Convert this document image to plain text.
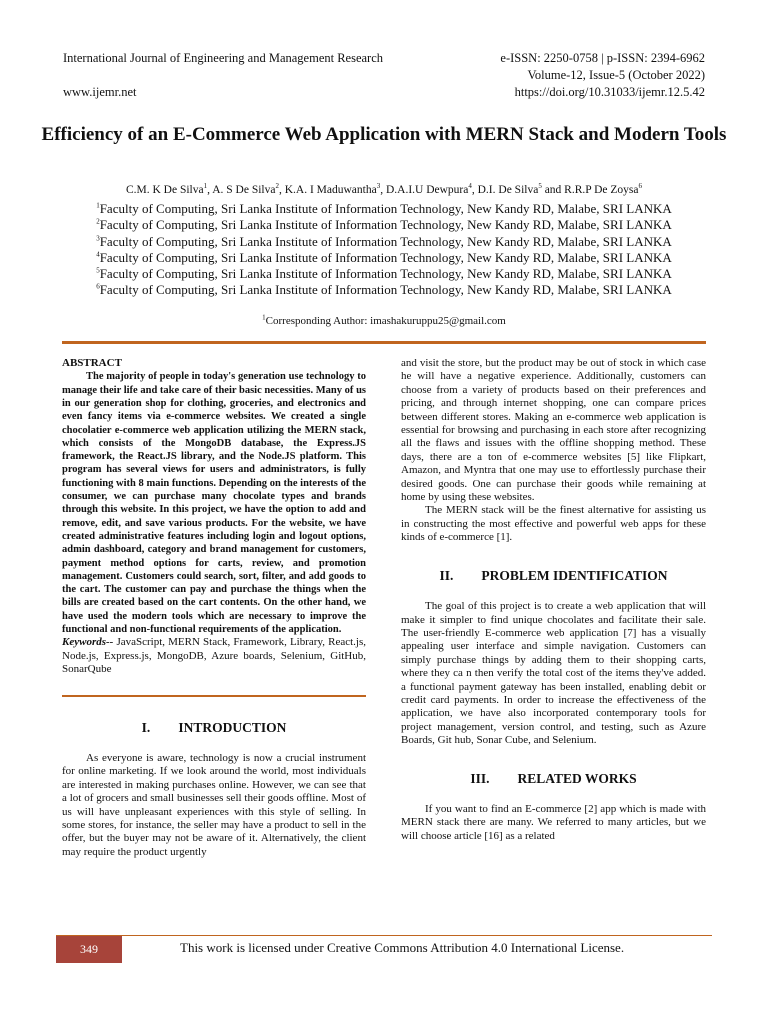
International Journal of Engineering and Management Research
www.ijemr.net
e-ISSN: 2250-0758 | p-ISSN: 2394-6962
Volume-12, Issue-5 (October 2022)
https://doi.org/10.31033/ijemr.12.5.42
Efficiency of an E-Commerce Web Application with MERN Stack and Modern Tools
C.M. K De Silva$^1$, A. S De Silva$^2$, K.A. I Maduwantha$^3$, D.A.I.U Dewpura$^4$, D.I. De Silva$^5$ and R.R.P De Zoysa$^6$
$^1$Faculty of Computing, Sri Lanka Institute of Information Technology, New Kandy RD, Malabe, SRI LANKA
$^2$Faculty of Computing, Sri Lanka Institute of Information Technology, New Kandy RD, Malabe, SRI LANKA
$^3$Faculty of Computing, Sri Lanka Institute of Information Technology, New Kandy RD, Malabe, SRI LANKA
$^4$Faculty of Computing, Sri Lanka Institute of Information Technology, New Kandy RD, Malabe, SRI LANKA
$^5$Faculty of Computing, Sri Lanka Institute of Information Technology, New Kandy RD, Malabe, SRI LANKA
$^6$Faculty of Computing, Sri Lanka Institute of Information Technology, New Kandy RD, Malabe, SRI LANKA
$^1$Corresponding Author: imashakuruppu25@gmail.com

ABSTRACT

The majority of people in today's generation use technology to manage their life and take care of their basic necessities. Many of us in our generation shop for clothing, groceries, and electronics and even fancy items via e-commerce websites. We created a single chocolatier e-commerce web application utilizing the MERN stack, which consists of the MongoDB database, the Express.JS framework, the React.JS library, and the Node.JS platform. This program has several views for users and administrators, is fully functioning with 8 main functions. Depending on the interests of the consumer, we can purchase many chocolate types and brands through this website. In this project, we have the option to add and remove, edit, and save various products. For the website, we have created administrative features including login and logout options, admin dashboard, category and brand management for customers, payment method options for carts, review, and promotion management. Customers could search, sort, filter, and add goods to the cart. The customer can pay and purchase the things when the bills are created based on the cart contents. On the other hand, we have used the modern tools which are necessary to improve the functional and non-functional requirements of the application.

Keywords-- JavaScript, MERN Stack, Framework, Library, React.js, Node.js, Express.js, MongoDB, Azure boards, Selenium, GitHub, SonarQube

I. INTRODUCTION

As everyone is aware, technology is now a crucial instrument for online marketing. If we look around the world, most individuals are interested in making purchases online. However, we can see that a lot of grocers and small businesses sell their goods offline. Most of us will have unpleasant experiences with this style of selling. In some stores, for instance, the seller may have a product to sell in the offer, but the buyer may not be aware of it. Alternatively, the client may require the product urgently

and visit the store, but the product may be out of stock in which case he will have a negative experience. Additionally, customers can choose from a variety of products based on their preferences and pricing, and through internet shopping, one can compare prices between different stores. Making an e-commerce web application is essential for browsing and purchasing in each store after recognizing all the flaws and issues with the offline shopping method. These days, there are a ton of e-commerce websites [5] like Flipkart, Amazon, and Myntra that one may use to effortlessly purchase their desired goods. One can purchase their goods while remaining at home by using these websites.

The MERN stack will be the finest alternative for assisting us in constructing the most effective and powerful web apps for these kinds of e-commerce [1].

II. PROBLEM IDENTIFICATION

The goal of this project is to create a web application that will make it simpler to find unique chocolates and facilitate their sale. The user-friendly E-commerce web application [7] has a visually appealing user interface and simple navigation. Customers can simply purchase things by adding them to their shopping carts, where they ca n then verify the total cost of the items they've added. a functional payment gateway has been installed, enabling debit or credit card payments. In order to increase the effectiveness of the application, we have also incorporated contemporary tools for project management, version control, and testing, such as Azure Boards, Git hub, Sonar Cube, and Selenium.

III. RELATED WORKS

If you want to find an E-commerce [2] app which is made with MERN stack there are many. We referred to many articles, but we will choose article [16] as a related

349	This work is licensed under Creative Commons Attribution 4.0 International License.
